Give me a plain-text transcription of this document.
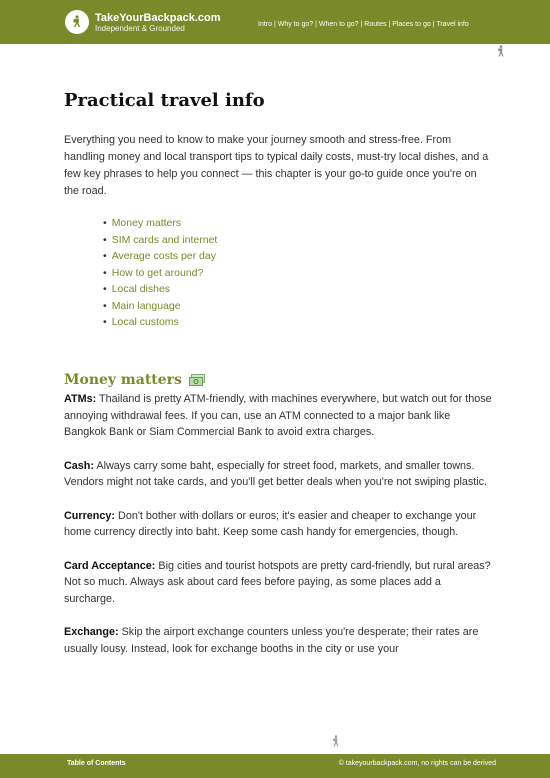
TakeYourBackpack.com
Independent & Grounded	Intro | Why to go? | When to go? | Routes | Places to go | Travel info
Practical travel info

Everything you need to know to make your journey smooth and stress-free. From handling money and local transport tips to typical daily costs, must-try local dishes, and a few key phrases to help you connect — this chapter is your go-to guide once you're on the road.

• Money matters
• SIM cards and internet
• Average costs per day
• How to get around?
• Local dishes
• Main language
• Local customs
Money matters

ATMs: Thailand is pretty ATM-friendly, with machines everywhere, but watch out for those annoying withdrawal fees. If you can, use an ATM connected to a major bank like Bangkok Bank or Siam Commercial Bank to avoid extra charges.

Cash: Always carry some baht, especially for street food, markets, and smaller towns. Vendors might not take cards, and you'll get better deals when you're not swiping plastic.

Currency: Don't bother with dollars or euros; it's easier and cheaper to exchange your home currency directly into baht. Keep some cash handy for emergencies, though.

Card Acceptance: Big cities and tourist hotspots are pretty card-friendly, but rural areas? Not so much. Always ask about card fees before paying, as some places add a surcharge.

Exchange: Skip the airport exchange counters unless you're desperate; their rates are usually lousy. Instead, look for exchange booths in the city or use your

Table of Contents	© takeyourbackpack.com, no rights can be derived
